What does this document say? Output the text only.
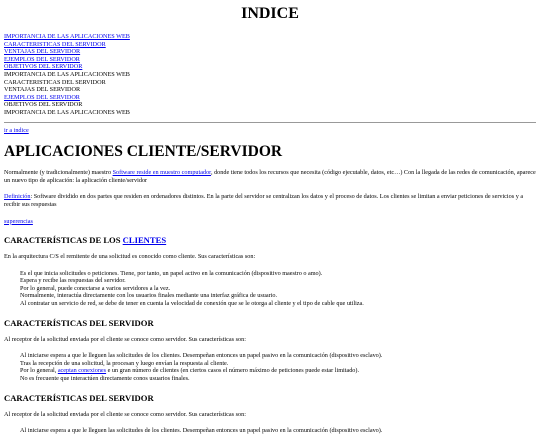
INDICE
IMPORTANCIA DE LAS APLICACIONES WEB
CARACTERISTICAS DEL SERVIDOR
VENTAJAS DEL SERVIDOR
EJEMPLOS DEL SERVIDOR
OBJETIVOS DEL SERVIDOR
IMPORTANCIA DE LAS APLICACIONES WEB
CARACTERISTICAS DEL SERVIDOR
VENTAJAS DEL SERVIDOR
EJEMPLOS DEL SERVIDOR
OBJETIVOS DEL SERVIDOR
IMPORTANCIA DE LAS APLICACIONES WEB
ir a indice
APLICACIONES CLIENTE/SERVIDOR

Normalmente (y tradicionalmente) maestro Software reside en muestro computador, donde tiene todos los recursos que necesita (código ejecutable, datos, etc…) Con la llegada de las redes de comunicación, aparece un nuevo tipo de aplicación: la aplicación cliente/servidor

Definición: Software dividido en dos partes que residen en ordenadores distintos. En la parte del servidor se centralizan los datos y el proceso de datos. Los clientes se limitan a enviar peticiones de servicios y a recibir sus respuestas

superencias
CARACTERÍSTICAS DE LOS CLIENTES

En la arquitectura C/S el remitente de una solicitud es conocido como cliente. Sus características son:

Es el que inicia solicitudes o peticiones. Tiene, por tanto, un papel activo en la comunicación (dispositivo maestro o amo).
Espera y recibe las respuestas del servidor.
Por lo general, puede conectarse a varios servidores a la vez.
Normalmente, interactúa directamente con los usuarios finales mediante una interfaz gráfica de usuario.
Al contratar un servicio de red, se debe de tener en cuenta la velocidad de conexión que se le otorga al cliente y el tipo de cable que utiliza.
CARACTERÍSTICAS DEL SERVIDOR

Al receptor de la solicitud enviada por el cliente se conoce como servidor. Sus características son:

Al iniciarse espera a que le lleguen las solicitudes de los clientes. Desempeñan entonces un papel pasivo en la comunicación (dispositivo esclavo).
Tras la recepción de una solicitud, la procesan y luego envían la respuesta al cliente.
Por lo general, aceptan conexiones e un gran número de clientes (en ciertos casos el número máximo de peticiones puede estar limitado).
No es frecuente que interactúen directamente conos usuarios finales.
CARACTERÍSTICAS DEL SERVIDOR

Al receptor de la solicitud enviada por el cliente se conoce como servidor. Sus características son:

Al iniciarse espera a que le lleguen las solicitudes de los clientes. Desempeñan entonces un papel pasivo en la comunicación (dispositivo esclavo).
